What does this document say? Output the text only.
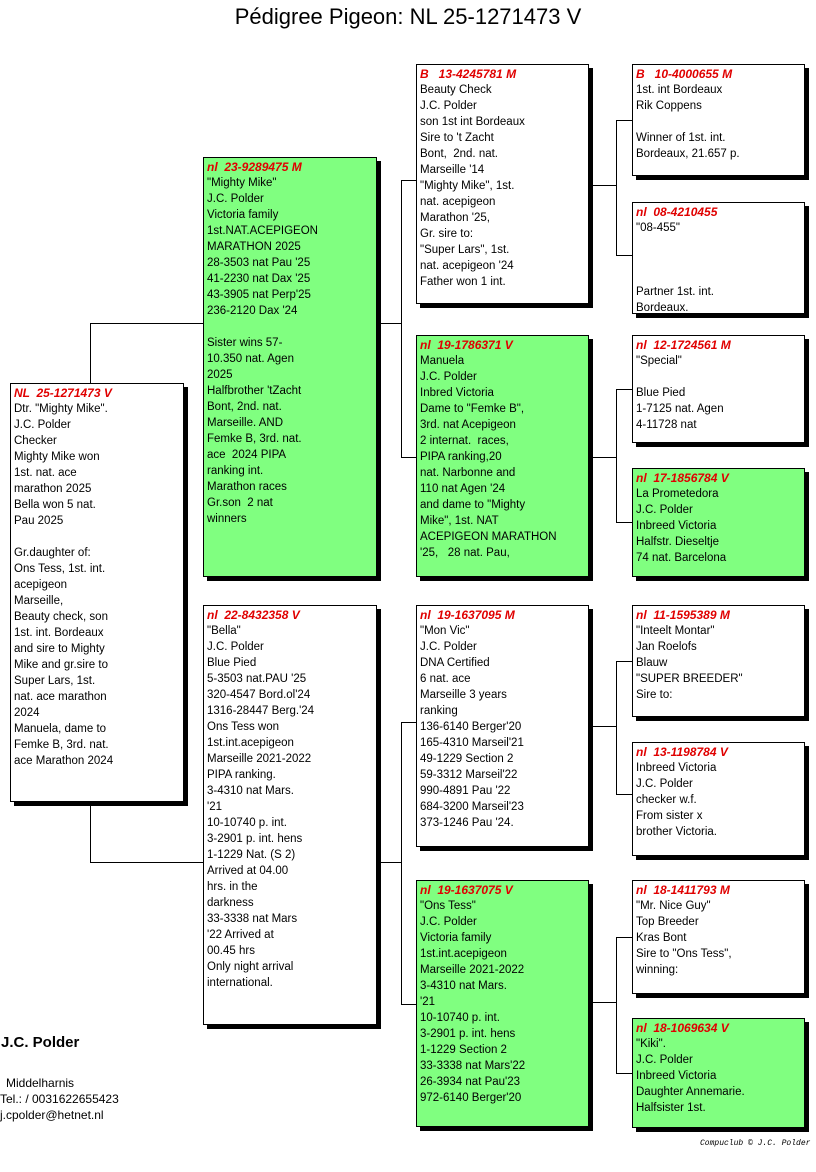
Pédigree Pigeon: NL 25-1271473 V
NL  25-1271473 V
Dtr. "Mighty Mike".
J.C. Polder
Checker
Mighty Mike won
1st. nat. ace
marathon 2025
Bella won 5 nat.
Pau 2025

Gr.daughter of:
Ons Tess, 1st. int.
acepigeon
Marseille,
Beauty check, son
1st. int. Bordeaux
and sire to Mighty
Mike and gr.sire to
Super Lars, 1st.
nat. ace marathon
2024
Manuela, dame to
Femke B, 3rd. nat.
ace Marathon 2024
nl  23-9289475 M
"Mighty Mike"
J.C. Polder
Victoria family
1st.NAT.ACEPIGEON
MARATHON 2025
28-3503 nat Pau '25
41-2230 nat Dax '25
43-3905 nat Perp'25
236-2120 Dax '24

Sister wins 57-
10.350 nat. Agen
2025
Halfbrother 'tZacht
Bont, 2nd. nat.
Marseille. AND
Femke B, 3rd. nat.
ace  2024 PIPA
ranking int.
Marathon races
Gr.son  2 nat
winners
nl  22-8432358 V
"Bella"
J.C. Polder
Blue Pied
5-3503 nat.PAU '25
320-4547 Bord.ol'24
1316-28447 Berg.'24
Ons Tess won
1st.int.acepigeon
Marseille 2021-2022
PIPA ranking.
3-4310 nat Mars.
'21
10-10740 p. int.
3-2901 p. int. hens
1-1229 Nat. (S 2)
Arrived at 04.00
hrs. in the
darkness
33-3338 nat Mars
'22 Arrived at
00.45 hrs
Only night arrival
international.
B   13-4245781 M
Beauty Check
J.C. Polder
son 1st int Bordeaux
Sire to 't Zacht
Bont,  2nd. nat.
Marseille '14
"Mighty Mike", 1st.
nat. acepigeon
Marathon '25,
Gr. sire to:
"Super Lars", 1st.
nat. acepigeon '24
Father won 1 int.
nl  19-1786371 V
Manuela
J.C. Polder
Inbred Victoria
Dame to "Femke B",
3rd. nat Acepigeon
2 internat.  races,
PIPA ranking,20
nat. Narbonne and
110 nat Agen '24
and dame to "Mighty
Mike", 1st. NAT
ACEPIGEON MARATHON
'25,   28 nat. Pau,
nl  19-1637095 M
"Mon Vic"
J.C. Polder
DNA Certified
6 nat. ace
Marseille 3 years
ranking
136-6140 Berger'20
165-4310 Marseil'21
49-1229 Section 2
59-3312 Marseil'22
990-4891 Pau '22
684-3200 Marseil'23
373-1246 Pau '24.
nl  19-1637075 V
"Ons Tess"
J.C. Polder
Victoria family
1st.int.acepigeon
Marseille 2021-2022
3-4310 nat Mars.
'21
10-10740 p. int.
3-2901 p. int. hens
1-1229 Section 2
33-3338 nat Mars'22
26-3934 nat Pau'23
972-6140 Berger'20
B   10-4000655 M
1st. int Bordeaux
Rik Coppens

Winner of 1st. int.
Bordeaux, 21.657 p.
nl  08-4210455
"08-455"

Partner 1st. int.
Bordeaux.
nl  12-1724561 M
"Special"

Blue Pied
1-7125 nat. Agen
4-11728 nat
nl  17-1856784 V
La Prometedora
J.C. Polder
Inbreed Victoria
Halfstr. Dieseltje
74 nat. Barcelona
nl  11-1595389 M
"Inteelt Montar"
Jan Roelofs
Blauw
"SUPER BREEDER"
Sire to:
nl  13-1198784 V
Inbreed Victoria
J.C. Polder
checker w.f.
From sister x
brother Victoria.
nl  18-1411793 M
"Mr. Nice Guy"
Top Breeder
Kras Bont
Sire to "Ons Tess",
winning:
nl  18-1069634 V
"Kiki".
J.C. Polder
Inbreed Victoria
Daughter Annemarie.
Halfsister 1st.
J.C. Polder
Middelharnis
Tel.: / 0031622655423
j.cpolder@hetnet.nl
Compuclub © J.C. Polder
